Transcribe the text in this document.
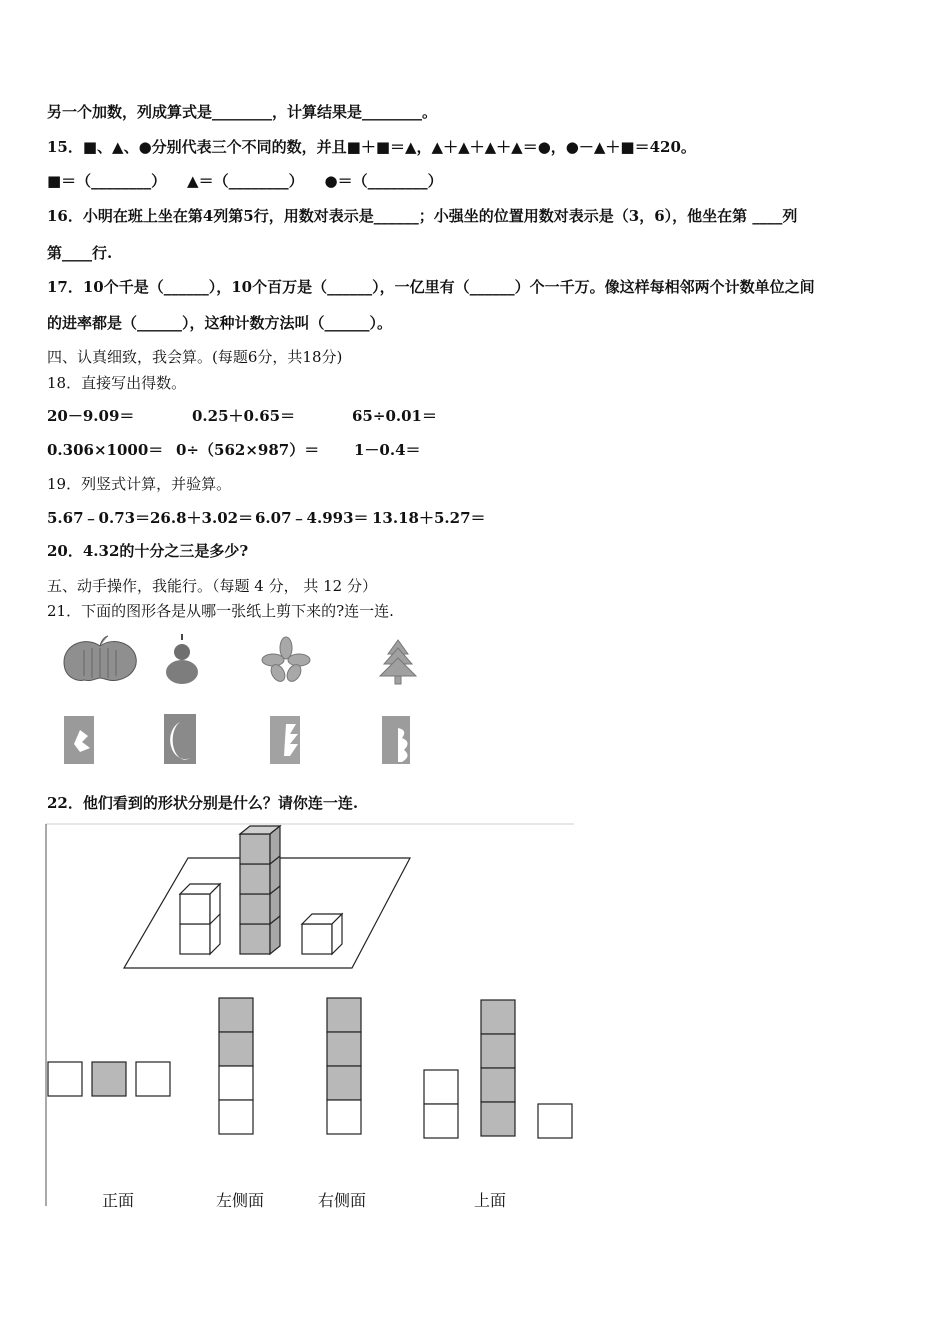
另一个加数，列成算式是________，计算结果是________。
15．■、▲、●分别代表三个不同的数，并且■＋■＝▲，▲＋▲＋▲＋▲＝●，●－▲＋■＝420。
■＝（________）    ▲＝（________）    ●＝（________）
16．小明在班上坐在第4列第5行，用数对表示是______；小强坐的位置用数对表示是（3，6），他坐在第 ____列
第____行.
17．10个千是（______），10个百万是（______），一亿里有（______）个一千万。像这样每相邻两个计数单位之间
的进率都是（______），这种计数方法叫（______）。
四、认真细致，我会算。(每题6分，共18分)
18．直接写出得数。
20－9.09＝	0.25＋0.65＝	65÷0.01＝
0.306×1000＝ 0÷（562×987）＝ 1－0.4＝
19．列竖式计算，并验算。
5.67﹣0.73＝ 26.8＋3.02＝ 6.07﹣4.993＝ 13.18＋5.27＝
20．4.32的十分之三是多少?
五、动手操作，我能行。（每题 4 分， 共 12 分）
21．下面的图形各是从哪一张纸上剪下来的?连一连.
22．他们看到的形状分别是什么？请你连一连.
正面	左侧面	右侧面	上面
